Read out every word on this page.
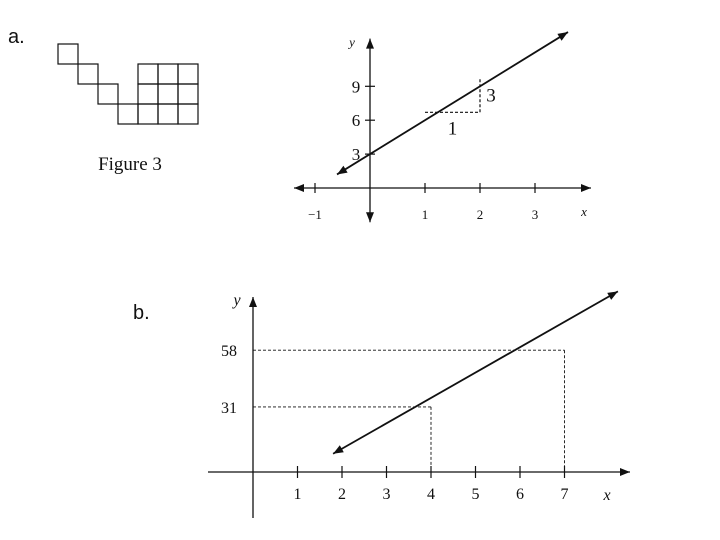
a.
b.
Figure 3
−1	1	2	3
3
6
9
x
y
1
3
1 2 3 4 5 6 7
31
58
x
y
